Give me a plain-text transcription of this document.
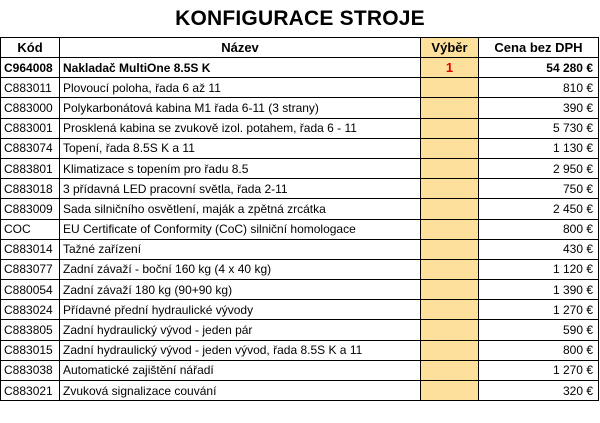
KONFIGURACE STROJE
Kód	Název	Výběr	Cena bez DPH
C964008	Nakladač MultiOne 8.5S K	1	54 280 €
C883011	Plovoucí poloha, řada 6 až 11		810 €
C883000	Polykarbonátová kabina M1 řada 6-11 (3 strany)		390 €
C883001	Prosklená kabina se zvukově izol. potahem, řada 6 - 11		5 730 €
C883074	Topení, řada 8.5S K a 11		1 130 €
C883801	Klimatizace s topením pro řadu 8.5		2 950 €
C883018	3 přídavná LED pracovní světla, řada 2-11		750 €
C883009	Sada silničního osvětlení, maják a zpětná zrcátka		2 450 €
COC	EU Certificate of Conformity (CoC) silniční homologace		800 €
C883014	Tažné zařízení		430 €
C883077	Zadní závaží - boční 160 kg (4 x 40 kg)		1 120 €
C880054	Zadní závaží 180 kg (90+90 kg)		1 390 €
C883024	Přídavné přední hydraulické vývody		1 270 €
C883805	Zadní hydraulický vývod - jeden pár		590 €
C883015	Zadní hydraulický vývod - jeden vývod, řada 8.5S K a 11		800 €
C883038	Automatické zajištění nářadí		1 270 €
C883021	Zvuková signalizace couvání		320 €
